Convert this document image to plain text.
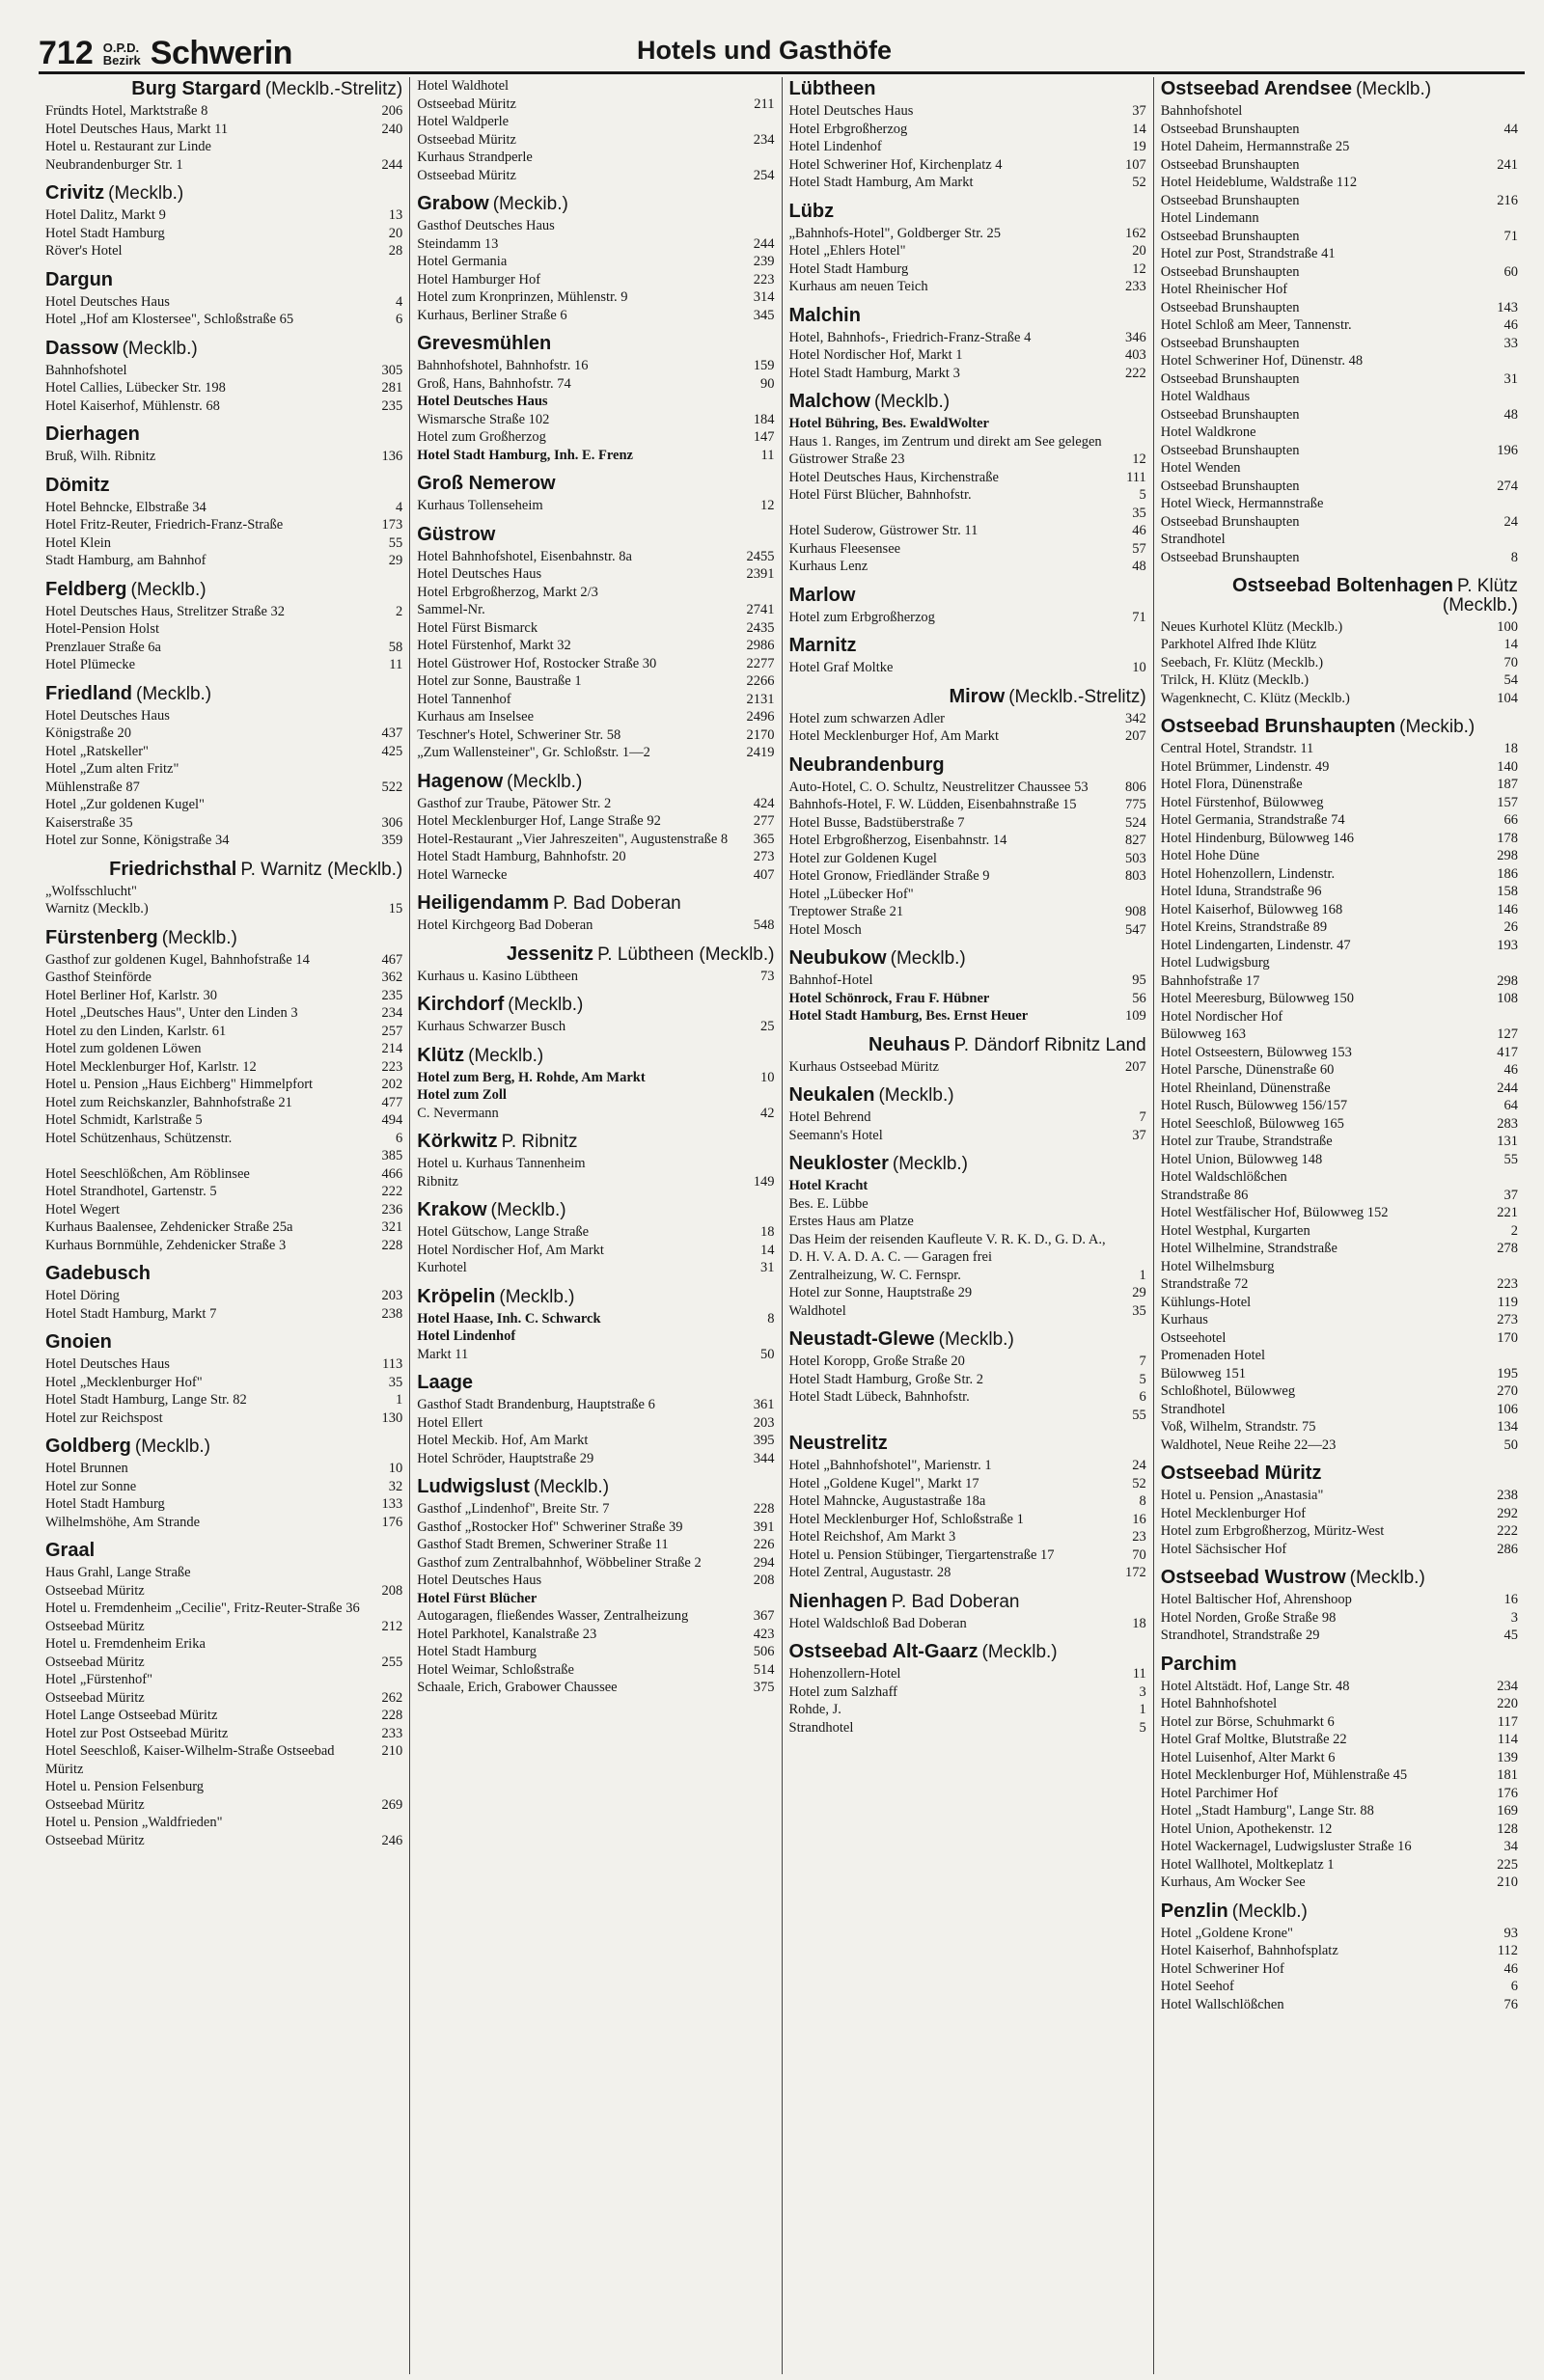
712 O.P.D.
Bezirk Schwerin	Hotels und Gasthöfe
Burg Stargard (Mecklb.-Strelitz)
Fründts Hotel, Marktstraße 8	206
Hotel Deutsches Haus, Markt 11	240
Hotel u. Restaurant zur Linde
Neubrandenburger Str. 1	244
Crivitz (Mecklb.)
Hotel Dalitz, Markt 9	13
Hotel Stadt Hamburg	20
Röver's Hotel	28
Dargun
Hotel Deutsches Haus	4
Hotel „Hof am Klostersee", Schloßstraße 65	6
Dassow (Mecklb.)
Bahnhofshotel	305
Hotel Callies, Lübecker Str. 198	281
Hotel Kaiserhof, Mühlenstr. 68	235
Dierhagen
Bruß, Wilh. Ribnitz	136
Dömitz
Hotel Behncke, Elbstraße 34	4
Hotel Fritz-Reuter, Friedrich-Franz-Straße	173
Hotel Klein	55
Stadt Hamburg, am Bahnhof	29
Feldberg (Mecklb.)
Hotel Deutsches Haus, Strelitzer Straße 32	2
Hotel-Pension Holst
Prenzlauer Straße 6a	58
Hotel Plümecke	11
Friedland (Mecklb.)
Hotel Deutsches Haus
Königstraße 20	437
Hotel „Ratskeller"	425
Hotel „Zum alten Fritz"
Mühlenstraße 87	522
Hotel „Zur goldenen Kugel"
Kaiserstraße 35	306
Hotel zur Sonne, Königstraße 34	359
Friedrichsthal P. Warnitz (Mecklb.)
„Wolfsschlucht"
Warnitz (Mecklb.)	15
Fürstenberg (Mecklb.)
Gasthof zur goldenen Kugel, Bahnhofstraße 14	467
Gasthof Steinförde	362
Hotel Berliner Hof, Karlstr. 30	235
Hotel „Deutsches Haus", Unter den Linden 3	234
Hotel zu den Linden, Karlstr. 61	257
Hotel zum goldenen Löwen	214
Hotel Mecklenburger Hof, Karlstr. 12	223
Hotel u. Pension „Haus Eichberg" Himmelpfort	202
Hotel zum Reichskanzler, Bahnhofstraße 21	477
Hotel Schmidt, Karlstraße 5	494
Hotel Schützenhaus, Schützenstr.	6
385
Hotel Seeschlößchen, Am Röblinsee	466
Hotel Strandhotel, Gartenstr. 5	222
Hotel Wegert	236
Kurhaus Baalensee, Zehdenicker Straße 25a	321
Kurhaus Bornmühle, Zehdenicker Straße 3	228
Gadebusch
Hotel Döring	203
Hotel Stadt Hamburg, Markt 7	238
Gnoien
Hotel Deutsches Haus	113
Hotel „Mecklenburger Hof"	35
Hotel Stadt Hamburg, Lange Str. 82	1
Hotel zur Reichspost	130
Goldberg (Mecklb.)
Hotel Brunnen	10
Hotel zur Sonne	32
Hotel Stadt Hamburg	133
Wilhelmshöhe, Am Strande	176
Graal
Haus Grahl, Lange Straße
Ostseebad Müritz	208
Hotel u. Fremdenheim „Cecilie", Fritz-Reuter-Straße 36
Ostseebad Müritz	212
Hotel u. Fremdenheim Erika
Ostseebad Müritz	255
Hotel „Fürstenhof"
Ostseebad Müritz	262
Hotel Lange Ostseebad Müritz	228
Hotel zur Post Ostseebad Müritz	233
Hotel Seeschloß, Kaiser-Wilhelm-Straße Ostseebad Müritz
210
Hotel u. Pension Felsenburg
Ostseebad Müritz	269
Hotel u. Pension „Waldfrieden"
Ostseebad Müritz	246
Hotel Waldhotel
Ostseebad Müritz	211
Hotel Waldperle
Ostseebad Müritz	234
Kurhaus Strandperle
Ostseebad Müritz	254
Grabow (Meckib.)
Gasthof Deutsches Haus
Steindamm 13	244
Hotel Germania	239
Hotel Hamburger Hof	223
Hotel zum Kronprinzen, Mühlenstr. 9	314
Kurhaus, Berliner Straße 6	345
Grevesmühlen
Bahnhofshotel, Bahnhofstr. 16	159
Groß, Hans, Bahnhofstr. 74	90
Hotel Deutsches Haus
Wismarsche Straße 102	184
Hotel zum Großherzog	147
Hotel Stadt Hamburg, Inh. E. Frenz	11
Groß Nemerow
Kurhaus Tollenseheim	12
Güstrow
Hotel Bahnhofshotel, Eisenbahnstr. 8a	2455
Hotel Deutsches Haus	2391
Hotel Erbgroßherzog, Markt 2/3
Sammel-Nr.	2741
Hotel Fürst Bismarck	2435
Hotel Fürstenhof, Markt 32	2986
Hotel Güstrower Hof, Rostocker Straße 30	2277
Hotel zur Sonne, Baustraße 1	2266
Hotel Tannenhof	2131
Kurhaus am Inselsee	2496
Teschner's Hotel, Schweriner Str. 58	2170
„Zum Wallensteiner", Gr. Schloßstr. 1—2	2419
Hagenow (Mecklb.)
Gasthof zur Traube, Pätower Str. 2	424
Hotel Mecklenburger Hof, Lange Straße 92	277
Hotel-Restaurant „Vier Jahreszeiten", Augustenstraße 8	365
Hotel Stadt Hamburg, Bahnhofstr. 20	273
Hotel Warnecke	407
Heiligendamm P. Bad Doberan
Hotel Kirchgeorg Bad Doberan	548
Jessenitz P. Lübtheen (Mecklb.)
Kurhaus u. Kasino Lübtheen	73
Kirchdorf (Mecklb.)
Kurhaus Schwarzer Busch	25
Klütz (Mecklb.)
Hotel zum Berg, H. Rohde, Am Markt	10
Hotel zum Zoll
C. Nevermann	42
Körkwitz P. Ribnitz
Hotel u. Kurhaus Tannenheim
Ribnitz	149
Krakow (Mecklb.)
Hotel Gütschow, Lange Straße	18
Hotel Nordischer Hof, Am Markt	14
Kurhotel	31
Kröpelin (Mecklb.)
Hotel Haase, Inh. C. Schwarck	8
Hotel Lindenhof
Markt 11	50
Laage
Gasthof Stadt Brandenburg, Hauptstraße 6	361
Hotel Ellert	203
Hotel Meckib. Hof, Am Markt	395
Hotel Schröder, Hauptstraße 29	344
Ludwigslust (Mecklb.)
Gasthof „Lindenhof", Breite Str. 7	228
Gasthof „Rostocker Hof" Schweriner Straße 39	391
Gasthof Stadt Bremen, Schweriner Straße 11	226
Gasthof zum Zentralbahnhof, Wöbbeliner Straße 2	294
Hotel Deutsches Haus	208
Hotel Fürst Blücher
Autogaragen, fließendes Wasser, Zentralheizung	367
Hotel Parkhotel, Kanalstraße 23	423
Hotel Stadt Hamburg	506
Hotel Weimar, Schloßstraße	514
Schaale, Erich, Grabower Chaussee	375
Lübtheen
Hotel Deutsches Haus	37
Hotel Erbgroßherzog	14
Hotel Lindenhof	19
Hotel Schweriner Hof, Kirchenplatz 4	107
Hotel Stadt Hamburg, Am Markt	52
Lübz
„Bahnhofs-Hotel", Goldberger Str. 25	162
Hotel „Ehlers Hotel"	20
Hotel Stadt Hamburg	12
Kurhaus am neuen Teich	233
Malchin
Hotel, Bahnhofs-, Friedrich-Franz-Straße 4	346
Hotel Nordischer Hof, Markt 1	403
Hotel Stadt Hamburg, Markt 3	222
Malchow (Mecklb.)
Hotel Bühring, Bes. EwaldWolter
Haus 1. Ranges, im Zentrum und direkt am See gelegen
Güstrower Straße 23	12
Hotel Deutsches Haus, Kirchenstraße	111
Hotel Fürst Blücher, Bahnhofstr.	5
35
Hotel Suderow, Güstrower Str. 11	46
Kurhaus Fleesensee	57
Kurhaus Lenz	48
Marlow
Hotel zum Erbgroßherzog	71
Marnitz
Hotel Graf Moltke	10
Mirow (Mecklb.-Strelitz)
Hotel zum schwarzen Adler	342
Hotel Mecklenburger Hof, Am Markt	207
Neubrandenburg
Auto-Hotel, C. O. Schultz, Neustrelitzer Chaussee 53	806
Bahnhofs-Hotel, F. W. Lüdden, Eisenbahnstraße 15	775
Hotel Busse, Badstüberstraße 7	524
Hotel Erbgroßherzog, Eisenbahnstr. 14	827
Hotel zur Goldenen Kugel	503
Hotel Gronow, Friedländer Straße 9	803
Hotel „Lübecker Hof"
Treptower Straße 21	908
Hotel Mosch	547
Neubukow (Mecklb.)
Bahnhof-Hotel	95
Hotel Schönrock, Frau F. Hübner	56
Hotel Stadt Hamburg, Bes. Ernst Heuer	109
Neuhaus P. Dändorf Ribnitz Land
Kurhaus Ostseebad Müritz	207
Neukalen (Mecklb.)
Hotel Behrend	7
Seemann's Hotel	37
Neukloster (Mecklb.)
Hotel Kracht
Bes. E. Lübbe
Erstes Haus am Platze
Das Heim der reisenden Kaufleute V. R. K. D., G. D. A., D. H. V. A. D. A. C. — Garagen frei
Zentralheizung, W. C. Fernspr.	1
Hotel zur Sonne, Hauptstraße 29	29
Waldhotel	35
Neustadt-Glewe (Mecklb.)
Hotel Koropp, Große Straße 20	7
Hotel Stadt Hamburg, Große Str. 2	5
Hotel Stadt Lübeck, Bahnhofstr.	6
55
Neustrelitz
Hotel „Bahnhofshotel", Marienstr. 1	24
Hotel „Goldene Kugel", Markt 17	52
Hotel Mahncke, Augustastraße 18a	8
Hotel Mecklenburger Hof, Schloßstraße 1	16
Hotel Reichshof, Am Markt 3	23
Hotel u. Pension Stübinger, Tiergartenstraße 17	70
Hotel Zentral, Augustastr. 28	172
Nienhagen P. Bad Doberan
Hotel Waldschloß Bad Doberan	18
Ostseebad Alt-Gaarz (Mecklb.)
Hohenzollern-Hotel	11
Hotel zum Salzhaff	3
Rohde, J.	1
Strandhotel	5
Ostseebad Arendsee (Mecklb.)
Bahnhofshotel
Ostseebad Brunshaupten	44
Hotel Daheim, Hermannstraße 25
Ostseebad Brunshaupten	241
Hotel Heideblume, Waldstraße 112
Ostseebad Brunshaupten	216
Hotel Lindemann
Ostseebad Brunshaupten	71
Hotel zur Post, Strandstraße 41
Ostseebad Brunshaupten	60
Hotel Rheinischer Hof
Ostseebad Brunshaupten	143
Hotel Schloß am Meer, Tannenstr.	46
Ostseebad Brunshaupten	33
Hotel Schweriner Hof, Dünenstr. 48
Ostseebad Brunshaupten	31
Hotel Waldhaus
Ostseebad Brunshaupten	48
Hotel Waldkrone
Ostseebad Brunshaupten	196
Hotel Wenden
Ostseebad Brunshaupten	274
Hotel Wieck, Hermannstraße
Ostseebad Brunshaupten	24
Strandhotel
Ostseebad Brunshaupten	8
Ostseebad Boltenhagen P. Klütz (Mecklb.)
Neues Kurhotel Klütz (Mecklb.)	100
Parkhotel Alfred Ihde Klütz	14
Seebach, Fr. Klütz (Mecklb.)	70
Trilck, H. Klütz (Mecklb.)	54
Wagenknecht, C. Klütz (Mecklb.)	104
Ostseebad Brunshaupten (Meckib.)
Central Hotel, Strandstr. 11	18
Hotel Brümmer, Lindenstr. 49	140
Hotel Flora, Dünenstraße	187
Hotel Fürstenhof, Bülowweg	157
Hotel Germania, Strandstraße 74	66
Hotel Hindenburg, Bülowweg 146	178
Hotel Hohe Düne	298
Hotel Hohenzollern, Lindenstr.	186
Hotel Iduna, Strandstraße 96	158
Hotel Kaiserhof, Bülowweg 168	146
Hotel Kreins, Strandstraße 89	26
Hotel Lindengarten, Lindenstr. 47	193
Hotel Ludwigsburg
Bahnhofstraße 17	298
Hotel Meeresburg, Bülowweg 150	108
Hotel Nordischer Hof
Bülowweg 163	127
Hotel Ostseestern, Bülowweg 153	417
Hotel Parsche, Dünenstraße 60	46
Hotel Rheinland, Dünenstraße	244
Hotel Rusch, Bülowweg 156/157	64
Hotel Seeschloß, Bülowweg 165	283
Hotel zur Traube, Strandstraße	131
Hotel Union, Bülowweg 148	55
Hotel Waldschlößchen
Strandstraße 86	37
Hotel Westfälischer Hof, Bülowweg 152	221
Hotel Westphal, Kurgarten	2
Hotel Wilhelmine, Strandstraße	278
Hotel Wilhelmsburg
Strandstraße 72	223
Kühlungs-Hotel	119
Kurhaus	273
Ostseehotel	170
Promenaden Hotel
Bülowweg 151	195
Schloßhotel, Bülowweg	270
Strandhotel	106
Voß, Wilhelm, Strandstr. 75	134
Waldhotel, Neue Reihe 22—23	50
Ostseebad Müritz
Hotel u. Pension „Anastasia"	238
Hotel Mecklenburger Hof	292
Hotel zum Erbgroßherzog, Müritz-West	222
Hotel Sächsischer Hof	286
Ostseebad Wustrow (Mecklb.)
Hotel Baltischer Hof, Ahrenshoop	16
Hotel Norden, Große Straße 98	3
Strandhotel, Strandstraße 29	45
Parchim
Hotel Altstädt. Hof, Lange Str. 48	234
Hotel Bahnhofshotel	220
Hotel zur Börse, Schuhmarkt 6	117
Hotel Graf Moltke, Blutstraße 22	114
Hotel Luisenhof, Alter Markt 6	139
Hotel Mecklenburger Hof, Mühlenstraße 45	181
Hotel Parchimer Hof	176
Hotel „Stadt Hamburg", Lange Str. 88	169
Hotel Union, Apothekenstr. 12	128
Hotel Wackernagel, Ludwigsluster Straße 16	34
Hotel Wallhotel, Moltkeplatz 1	225
Kurhaus, Am Wocker See	210
Penzlin (Mecklb.)
Hotel „Goldene Krone"	93
Hotel Kaiserhof, Bahnhofsplatz	112
Hotel Schweriner Hof	46
Hotel Seehof	6
Hotel Wallschlößchen	76
